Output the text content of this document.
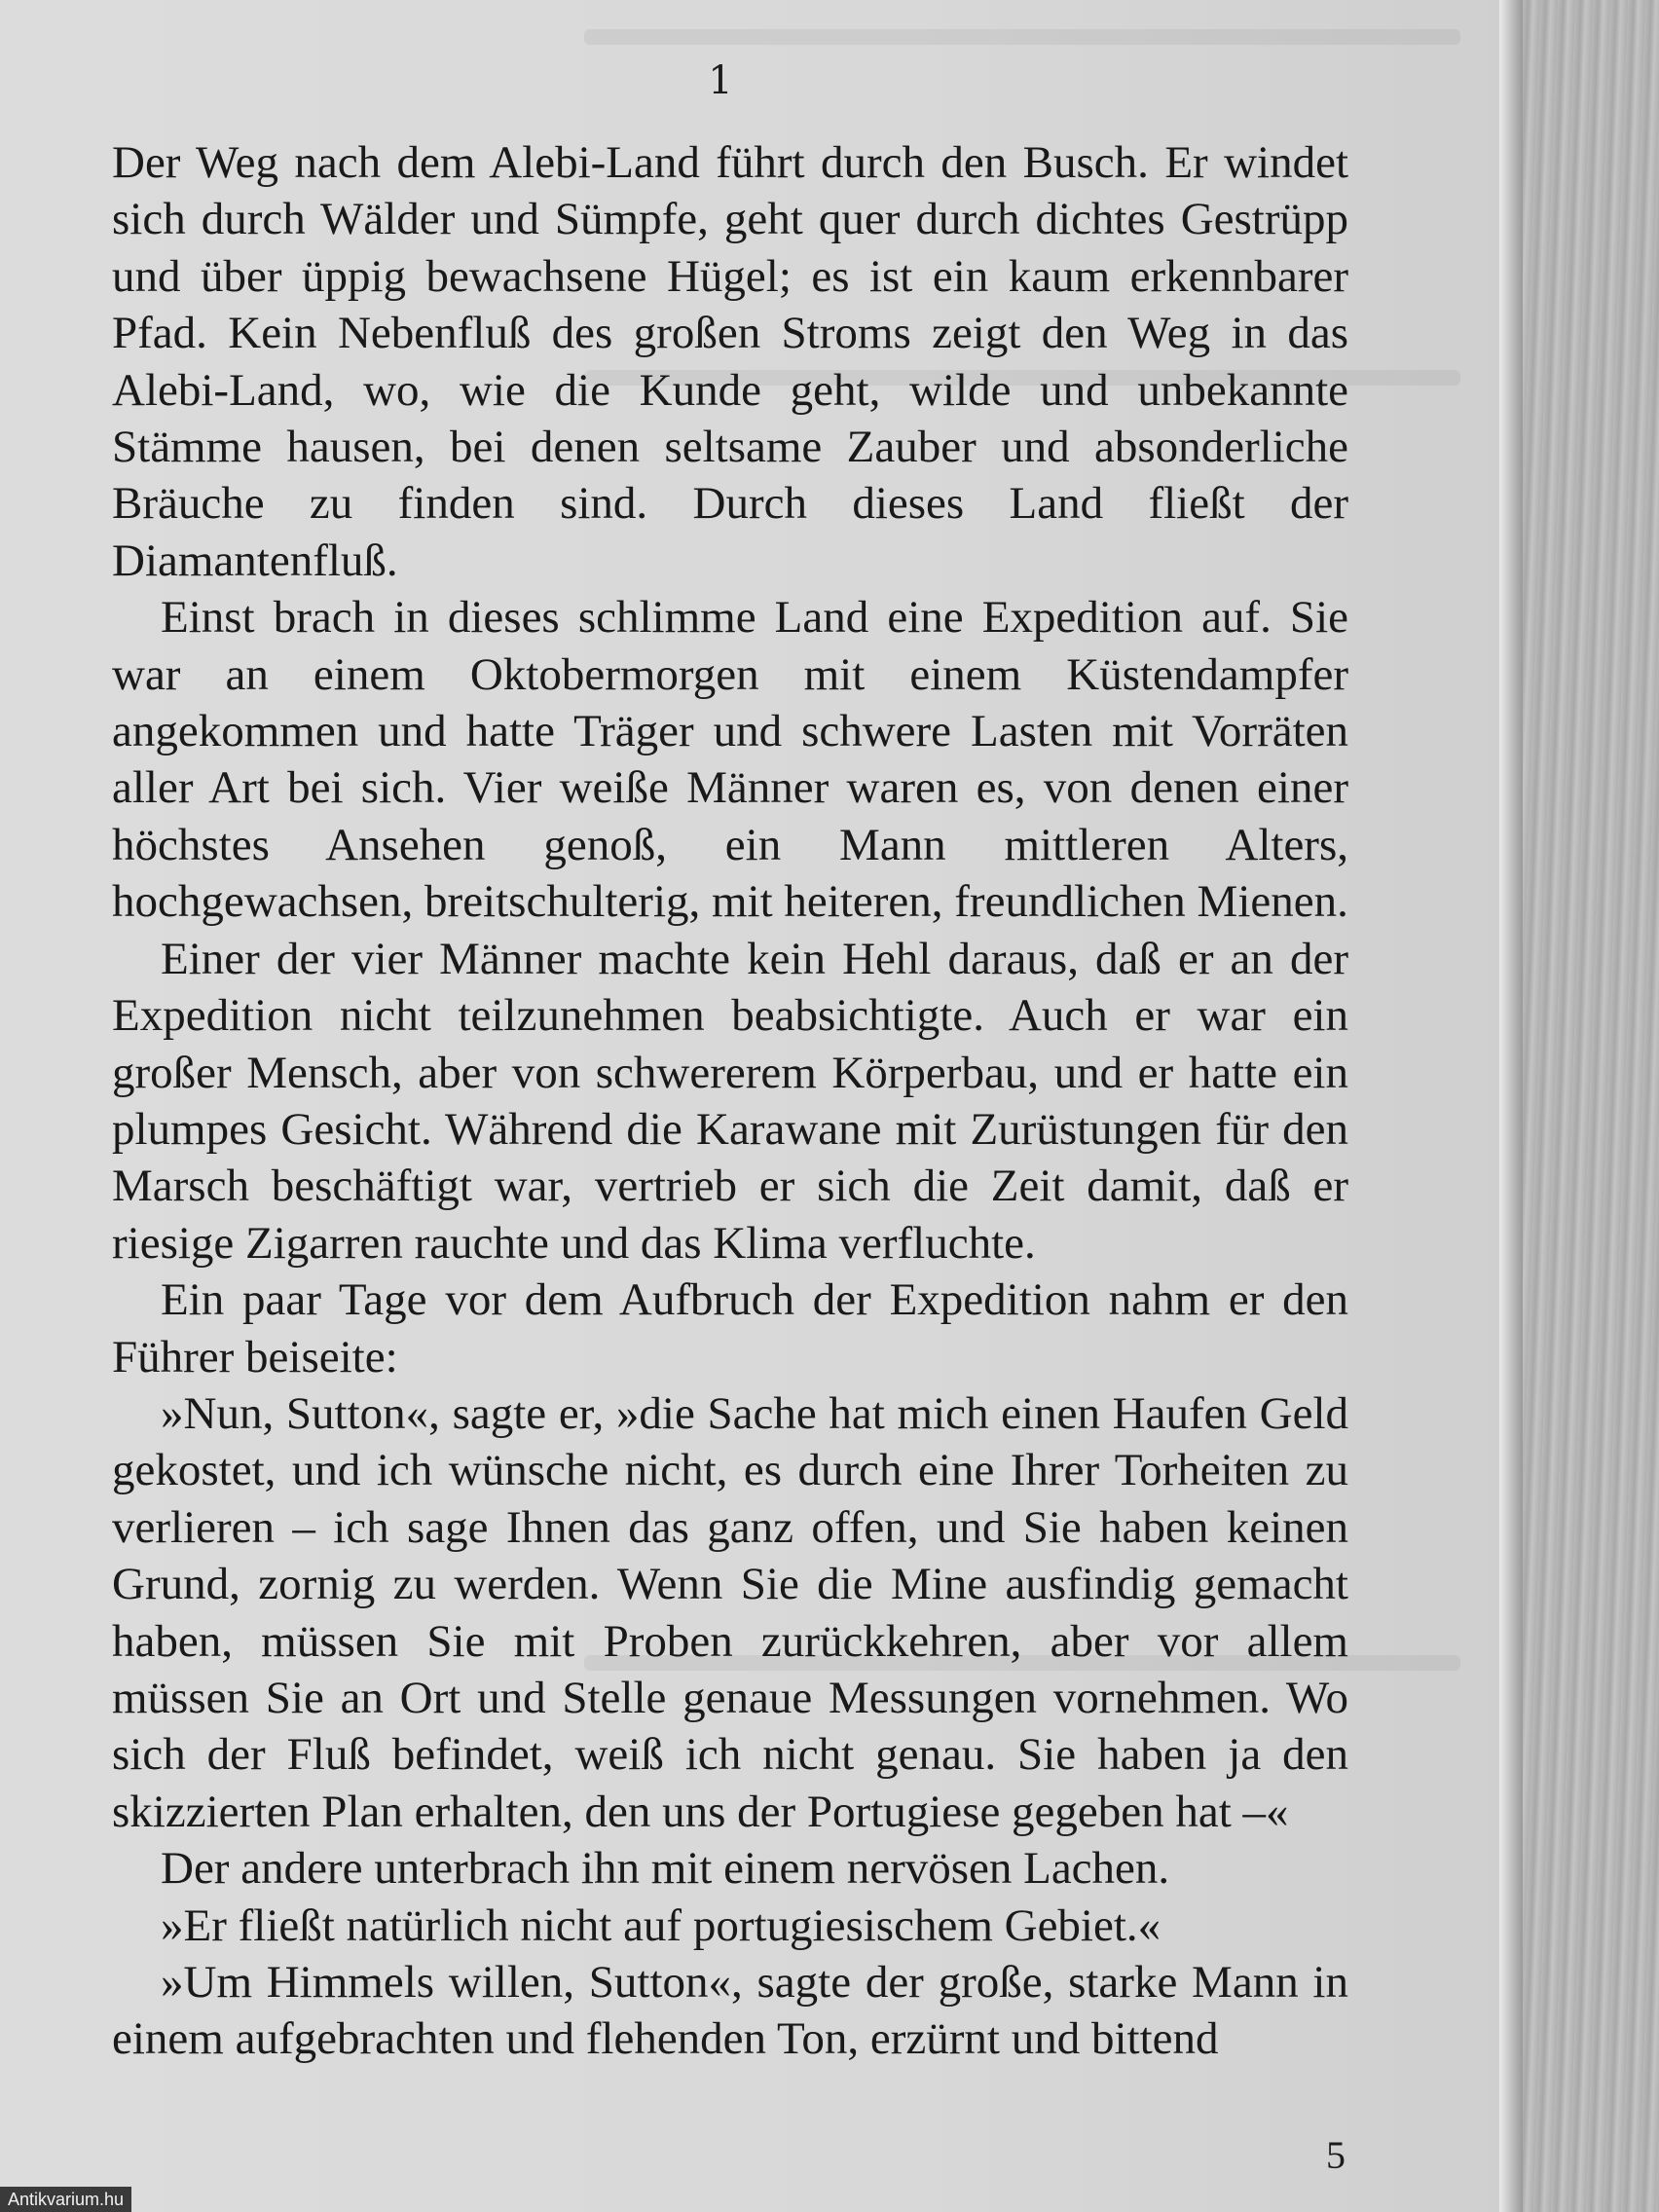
1

Der Weg nach dem Alebi-Land führt durch den Busch. Er windet sich durch Wälder und Sümpfe, geht quer durch dichtes Gestrüpp und über üppig bewachsene Hügel; es ist ein kaum erkennbarer Pfad. Kein Nebenfluß des großen Stroms zeigt den Weg in das Alebi-Land, wo, wie die Kunde geht, wilde und unbekannte Stämme hausen, bei denen seltsame Zauber und absonderliche Bräuche zu finden sind. Durch dieses Land fließt der Diamantenfluß.

Einst brach in dieses schlimme Land eine Expedition auf. Sie war an einem Oktobermorgen mit einem Küstendampfer angekommen und hatte Träger und schwere Lasten mit Vorräten aller Art bei sich. Vier weiße Männer waren es, von denen einer höchstes Ansehen genoß, ein Mann mittleren Alters, hochgewachsen, breitschulterig, mit heiteren, freundlichen Mienen.

Einer der vier Männer machte kein Hehl daraus, daß er an der Expedition nicht teilzunehmen beabsichtigte. Auch er war ein großer Mensch, aber von schwererem Körperbau, und er hatte ein plumpes Gesicht. Während die Karawane mit Zurüstungen für den Marsch beschäftigt war, vertrieb er sich die Zeit damit, daß er riesige Zigarren rauchte und das Klima verfluchte.

Ein paar Tage vor dem Aufbruch der Expedition nahm er den Führer beiseite:

»Nun, Sutton«, sagte er, »die Sache hat mich einen Haufen Geld gekostet, und ich wünsche nicht, es durch eine Ihrer Torheiten zu verlieren – ich sage Ihnen das ganz offen, und Sie haben keinen Grund, zornig zu werden. Wenn Sie die Mine ausfindig gemacht haben, müssen Sie mit Proben zurückkehren, aber vor allem müssen Sie an Ort und Stelle genaue Messungen vornehmen. Wo sich der Fluß befindet, weiß ich nicht genau. Sie haben ja den skizzierten Plan erhalten, den uns der Portugiese gegeben hat –«

Der andere unterbrach ihn mit einem nervösen Lachen.

»Er fließt natürlich nicht auf portugiesischem Gebiet.«

»Um Himmels willen, Sutton«, sagte der große, starke Mann in einem aufgebrachten und flehenden Ton, erzürnt und bittend

5
Antikvarium.hu
